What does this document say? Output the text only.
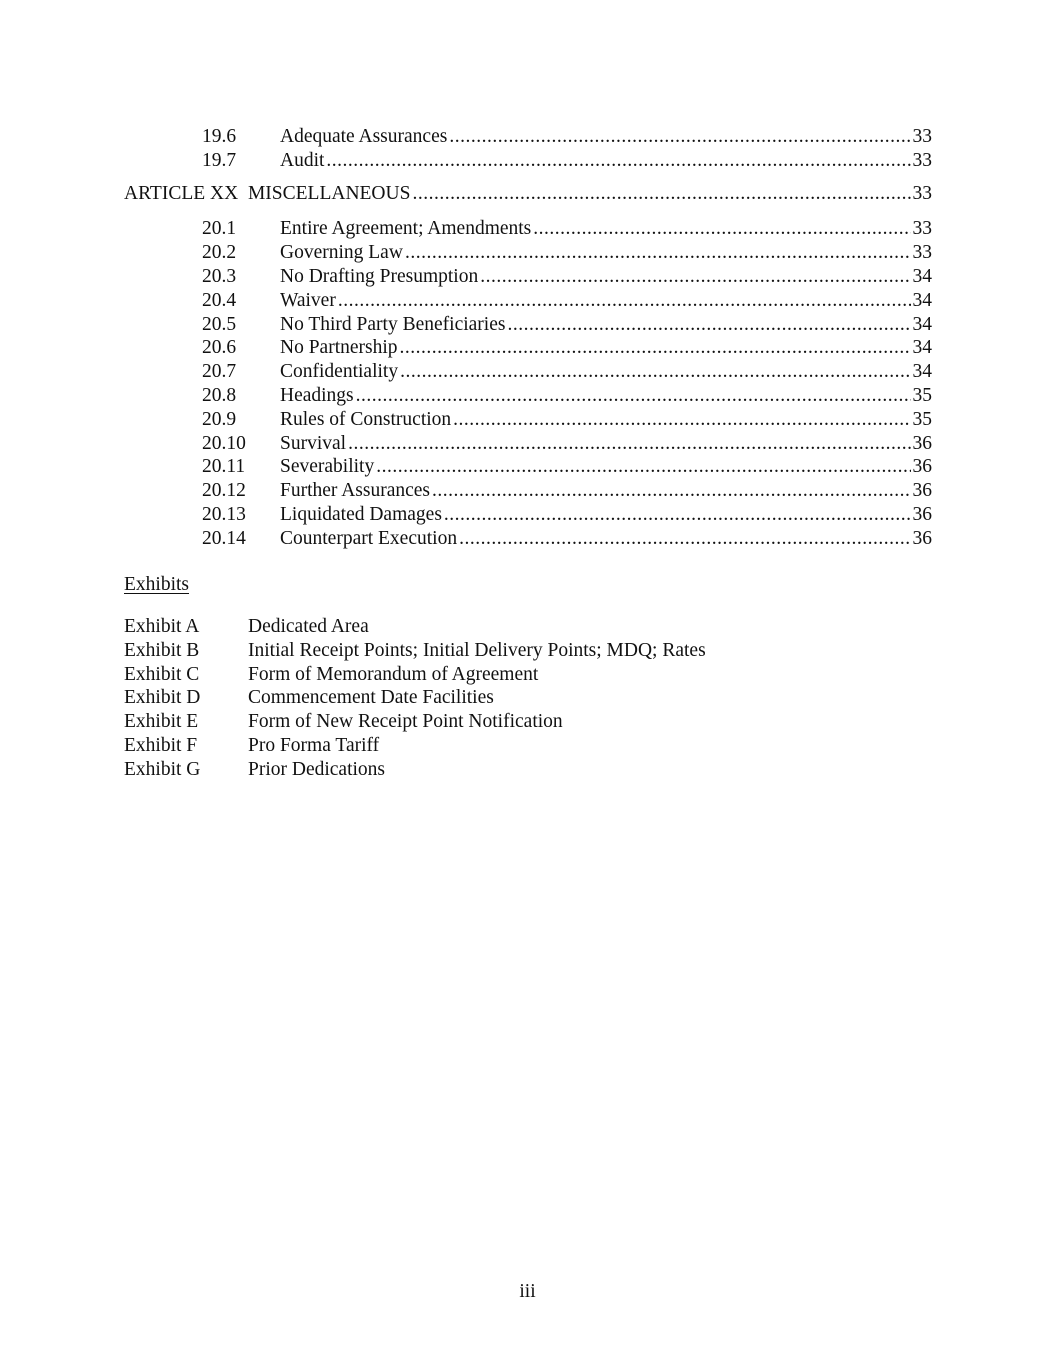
19.6 Adequate Assurances .....	33
19.7 Audit .....	33
ARTICLE XX  MISCELLANEOUS .....	33
20.1 Entire Agreement; Amendments .....	33
20.2 Governing Law .....	33
20.3 No Drafting Presumption .....	34
20.4 Waiver .....	34
20.5 No Third Party Beneficiaries .....	34
20.6 No Partnership .....	34
20.7 Confidentiality .....	34
20.8 Headings .....	35
20.9 Rules of Construction .....	35
20.10 Survival .....	36
20.11 Severability .....	36
20.12 Further Assurances .....	36
20.13 Liquidated Damages .....	36
20.14 Counterpart Execution .....	36
Exhibits
Exhibit A Dedicated Area
Exhibit B Initial Receipt Points; Initial Delivery Points; MDQ; Rates
Exhibit C Form of Memorandum of Agreement
Exhibit D Commencement Date Facilities
Exhibit E	Form of New Receipt Point Notification
Exhibit F	Pro Forma Tariff
Exhibit G Prior Dedications
iii
